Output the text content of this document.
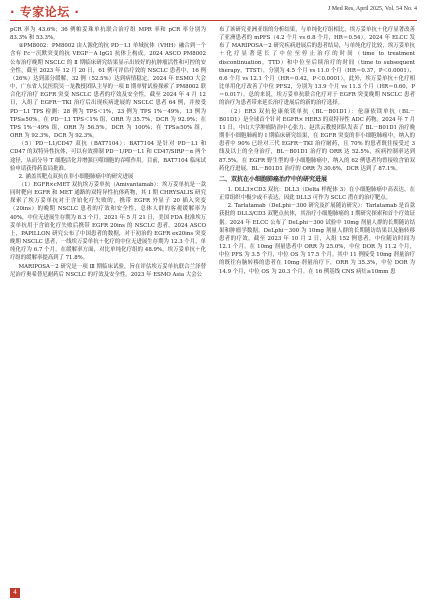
· 专家论坛 ·	J Med Res, April 2025, Vol. 54 No. 4

pCR 率为 43.6%；36 例帕妥珠单抗联合治疗组 MPR 率和 pCR 率分别为 83.3% 和 53.3%。

②PM8002：PM8002 由人源化的抗 PD－L1 单域抗体（VHH）融合到一个含有 Fc－沉默突变的抗 VEGF－A IgG1 抗体上构成。2024 ASCO PM8002 公布治疗晚期 NSCLC 的 Ⅱ 期临床研究结果显示出较好的抗肿瘤活性和可控的安全性，截至 2023 年 12 月 20 日，61 例可评估疗效的 NSCLC 患者中，16 例（26%）达到部分缓解，32 例（52.5%）达到病情稳定。2024 年 ESMO 大会中，广东省人民医院吴一龙教授团队主导的一项 Ⅱ 期单臂试验探索了 PM8002 联合化疗治疗 EGFR 突变 NSCLC 患者的疗效及安全性。截至 2024 年 4 月 12 日，入组了 EGFR－TKI 治疗后出现疾病进展的 NSCLC 患者 64 例，并按受 PD－L1 TPS 检测：28 例为 TPS＜1%，23 例为 TPS 1%－49%，13 例为 TPS≥50%。在 PD－L1 TPS＜1% 组，ORR 为 35.7%，DCR 为 92.9%；在 TPS 1%－49% 组，ORR 为 56.5%，DCR 为 100%；在 TPS≥50% 组，ORR 为 92.3%，DCR 为 92.3%。

（5）PD－L1/CD47 双抗（BAT7104）：BAT7104 是针对 PD－L1 和 CD47 的双特异性抗体，可以有效抑制 PD－1/PD－L1 和 CD47/SIRP－α 两个途径，从而分导 T 细胞活化并增强巨噬细胞的吞噬作用。目前，BAT7104 临床试验申请获得药监局批准。

2. 涵盖其靶点双抗在非小细胞肺癌中的研究进展

（1）EGFR×cMET 双抗埃万妥单抗（Amivantamab）：埃万妥单抗是一款同时靶向 EGFR 和 MET 通路的双特异性抗体药物，其 Ⅰ 期 CHRYSALIS 研究探索了埃万妥单抗对于含铂化疗失败的，携带 EGFR 外显子 20 插入突变（20ins）的晚期 NSCLC 患者的疗效和安全性，总体人群的客观缓解率为 40%，中位无进展生存期为 8.3 个月。2021 年 5 月 21 日，美国 FDA 批准埃万妥单抗用于含铂化疗失败后携带 EGFR 20ins 的 NSCLC 患者。2024 ASCO 上，PAPILLON 研究公布了中国患者的数据，对于初治的 EGFR ex20ins 突变晚期 NSCLC 患者，一线埃万妥单抗＋化疗的中位无进展生存期为 12.3 个月，单纯化疗为 6.7 个月。在缓解率方面，对比单纯化疗组的 48.9%，埃万妥单抗＋化疗组的缓解率提高到了 71.8%。

MARIPOSA－2 研究是一项 Ⅲ 期临床试验，旨在评估埃万妥单抗联合兰泽替尼治疗奥希替尼耐药后 NSCLC 的疗效及安全性。2023 年 ESMO Asia 大会公

布了该研究亚洲亚组的分析结果，与单纯化疗组相比，埃万妥单抗＋化疗显著改善了亚洲患者的 mPFS（4.2 个月 vs 6.8 个月，HR＝0.54）。2024 年 ELCC 发布了 MARIPOSA－2 研究疾病进展后的患者结局，与单纯化疗比较，埃万妥单抗＋化疗显著延长了中位至停止治疗的时间（time to treatment discontinuation，TTD）和中位至后续治疗的时间（time to subsequent therapy，TTST），分别为 4.5 个月 vs 11.0 个月（HR＝0.37，P＜0.0001）、6.6 个月 vs 12.1 个月（HR＝0.42，P＜0.0001）。此外，埃万妥单抗＋化疗相比单用化疗改善了中位 PFS2，分别为 13.9 个月 vs 11.3 个月（HR＝0.60，P＝0.017）。总的来说，埃万妥单抗联合化疗对于 EGFR 突变晚期 NSCLC 患者的治疗为患者带来延长治疗进展后的新的治疗选择。

（2）ER3 双抗伦康依镁单抗（BL－B01D1）：伦康依镁单抗（BL－B01D1）是全球首个针对 EGFR× HER3 的双特异性 ADC 药物。2024 年 7 月 11 日，中山大学肿瘤防治中心张力、赵洪云教授团队发表了 BL－B01D1 治疗晚期非小细胞肺癌的 Ⅰ 期临床研究结果，在 EGFR 突变的非小细胞肺癌中，纳入的患者中 90% 已经对三代 EGFR－TKI 治疗耐药，且 70% 的患者既往接受过 3 线及以上的全身治疗，BL－B01D1 治疗的 ORR 达 52.5%，疾病控制率达到 87.5%。在 EGFR 野生型的非小细胞肺癌中，纳入的 62 例患者均曾接收含铂双药化疗进展，BL－B01D1 治疗的 ORR 为 30.6%，DCR 达到了 87.1%。

二、双抗在小细胞肺癌治疗中的研究进展

1. DLL3×CD3 双抗：DLL3（Delta 样配体 3）在小细胞肺癌中高表达，在正常组织中极少或不表达，因此 DLL3 可作为 SCLC 潜在的治疗靶点。

2. Tarlatamab（DeLphi－300 研究及扩展随访研究）：Tarlatamab 是首款获批的 DLL3/CD3 双靶点抗体，其治疗小细胞肺癌的 Ⅰ 期研究探索和首个疗效证据。2024 年 ELCC 公布了 DeLphi－300 试验中 10mg 剂量人群的长期随访结果和肿瘤学数据。DeLphi－300 为 10mg 剂量人群的长期随访结果以及脑转移患者的疗效。截至 2023 年 10 月 2 日，入组 152 例患者，中位随访时间为 12.1 个月。在 10mg 剂量患者中 ORR 为 25.0%，中位 DOR 为 11.2 个月，中位 PFS 为 3.5 个月，中位 OS 为 17.5 个月。其中 11 例接受 10mg 剂量治疗的既往有脑转移的患者在 10mg 剂量治疗下，ORR 为 35.3%，中位 DOR 为 14.9 个月，中位 OS 为 20.3 个月。在 16 例基线 CNS 病灶≥10mm 患

4
